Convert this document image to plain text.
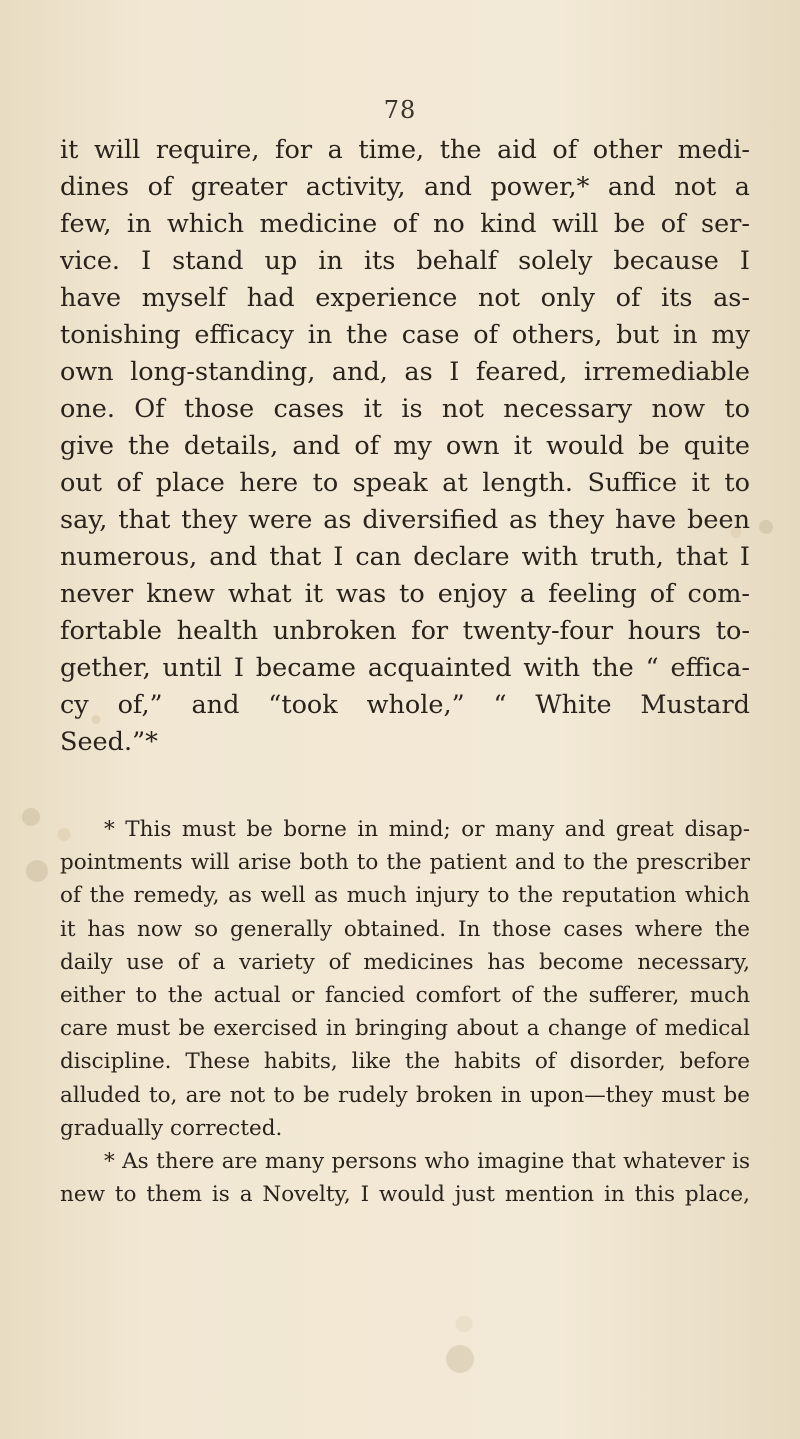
78
it will require, for a time, the aid of other medi-
dines of greater activity, and power,* and not a
few, in which medicine of no kind will be of ser-
vice. I stand up in its behalf solely because I
have myself had experience not only of its as-
tonishing efficacy in the case of others, but in my
own long-standing, and, as I feared, irremediable
one. Of those cases it is not necessary now to
give the details, and of my own it would be quite
out of place here to speak at length. Suffice it to
say, that they were as diversified as they have been
numerous, and that I can declare with truth, that I
never knew what it was to enjoy a feeling of com-
fortable health unbroken for twenty-four hours to-
gether, until I became acquainted with the “ effica-
cy of,” and “took whole,” “ White Mustard
Seed.”*
* This must be borne in mind; or many and great disap-
pointments will arise both to the patient and to the prescriber
of the remedy, as well as much injury to the reputation which
it has now so generally obtained. In those cases where the
daily use of a variety of medicines has become necessary,
either to the actual or fancied comfort of the sufferer, much
care must be exercised in bringing about a change of medical
discipline. These habits, like the habits of disorder, before
alluded to, are not to be rudely broken in upon—they must be
gradually corrected.
* As there are many persons who imagine that whatever is
new to them is a Novelty, I would just mention in this place,
